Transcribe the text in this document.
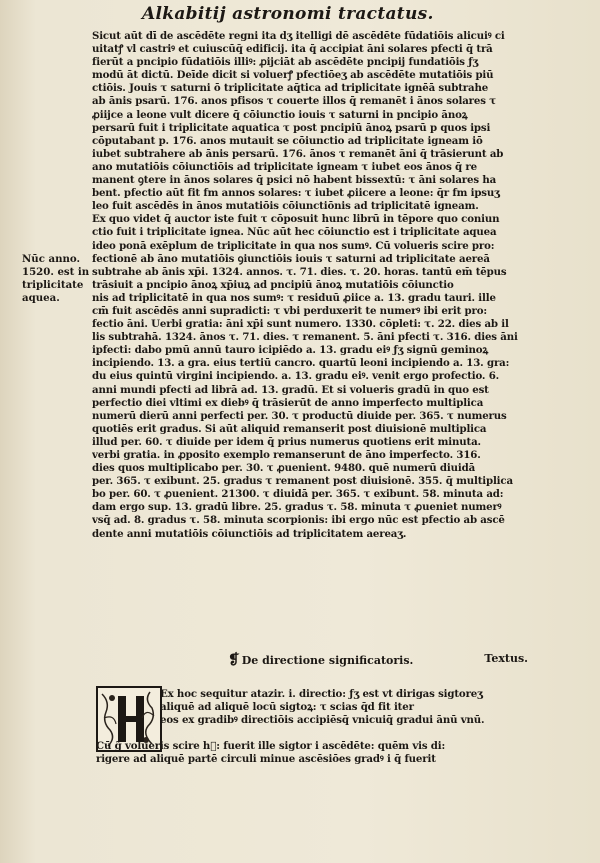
Alkabitij astronomi tractatus.
Nūc anno.
1520. est in
triplicitate
aquea.
Sicut aūt dī de ascēdēte regni ita dʒ itelligi dē ascēdēte fūdatiōis alicuiꝰ ci
uitatꝭ vl̄ castriꝰ et cuiuscūq̄ edificij. ita q̄ accipiat āni solares pfecti q̄ trā
fierūt a pncipio fūdatiōis illiꝰ: ꝓijciāt ab ascēdēte pncipij fundatiōis ƒʒ
modū āt dictū. Deīde dicit si voluerꝭ pfectiōeʒ ab ascēdēte mutatiōis piū
ctiōis. Jouis τ saturni ō triplicitate aq̄tica ad triplicitate ignēā subtrahe
ab ānis psarū. 176. anos pfisos τ couerte illos q̄ remanēt i ānos solares τ
ꝓiijce a leone vult dicere q̄ cōiunctio iouis τ saturni in pncipio ānoꝝ
persarū fuit i triplicitate aquatica τ post pncipiū ānoꝝ psarū p quos ipsi
cōputabant p. 176. anos mutauit se cōiunctio ad triplicitate igneam iō
iubet subtrahere ab ānis persarū. 176. ānos τ remanēt āni q̄ trāsierunt ab
ano mutatiōis cōiunctiōis ad triplicitate igneam τ iubet eos ānos q̄ re
manent ꝯtere in ānos solares q̄ psici nō habent bissextū: τ āni solares ha
bent. pfectio aūt fit fm annos solares: τ iubet ꝓiicere a leone: q̄r fm ipsuʒ
leo fuit ascēdēs in ānos mutatiōis cōiunctiōnis ad triplicitatē igneam.
Ex quo videt q̄ auctor iste fuit τ cōposuit hunc librū in tēpore quo coniun
ctio fuit i triplicitate ignea. Nūc aūt hec cōiunctio est i triplicitate aquea
ideo ponā exēplum de triplicitate in qua nos sumꝰ. Cū volueris scire pro:
fectionē ab āno mutatiōis ꝯiunctiōis iouis τ saturni ad triplicitate aereā
subtrahe ab ānis xp̄i. 1324. annos. τ. 71. dies. τ. 20. horas. tantū em̄ tēpus
trāsiuit a pncipio ānoꝝ xp̄iuꝝ ad pncipiū ānoꝝ mutatiōis cōiunctio
nis ad triplicitatē in qua nos sumꝰ: τ residuū ꝓiice a. 13. gradu tauri. ille
cm̄ fuit ascēdēs anni supradicti: τ vbi perduxerit te numerꝰ ibi erit pro:
fectio āni. Uerbi gratia: āni xp̄i sunt numero. 1330. cōpleti: τ. 22. dies ab il
lis subtrahā. 1324. ānos τ. 71. dies. τ remanent. 5. āni pfecti τ. 316. dies āni
ipfecti: dabo pmū annū tauro icipiēdo a. 13. gradu eiꝰ ƒʒ signū geminoꝝ
incipiendo. 13. a gra. eius tertiū cancro. quartū leoni incipiendo a. 13. gra:
du eius quintū virgini incipiendo. a. 13. gradu eiꝰ. venit ergo profectio. 6.
anni mundi pfecti ad librā ad. 13. gradū. Et si volueris gradū in quo est
perfectio diei vltimi ex diebꝰ q̄ trāsierūt de anno imperfecto multiplica
numerū dierū anni perfecti per. 30. τ productū diuide per. 365. τ numerus
quotiēs erit gradus. Si aūt aliquid remanserit post diuisionē multiplica
illud per. 60. τ diuide per idem q̄ prius numerus quotiens erit minuta.
verbi gratia. in ꝓposito exemplo remanserunt de āno imperfecto. 316.
dies quos multiplicabo per. 30. τ ꝓuenient. 9480. quē numerū diuidā
per. 365. τ exibunt. 25. gradus τ remanent post diuisionē. 355. q̄ multiplica
bo per. 60. τ ꝓuenient. 21300. τ diuidā per. 365. τ exibunt. 58. minuta ad:
dam ergo sup. 13. gradū libre. 25. gradus τ. 58. minuta τ ꝓueniet numerꝰ
vsq̄ ad. 8. gradus τ. 58. minuta scorpionis: ibi ergo nūc est pfectio ab ascē
dente anni mutatiōis cōiunctiōis ad triplicitatem aereaʒ.
❡ De directione significatoris.	Textus.
Ex hoc sequitur atazir. i. directio: ƒʒ est vt dirigas sigtoreʒ
aliquē ad aliquē locū sigtoꝝ: τ scias q̄d fit iter
eos ex gradibꝰ directiōis accipiēsq̄ vnicuiq̄ gradui ānū vnū.
Cū g̃ volueris scire hᷓ: fuerit ille sigtor i ascēdēte: quēm vis di:
rigere ad aliquē partē circuli minue ascēsiōes gradꝰ i q̄ fuerit
